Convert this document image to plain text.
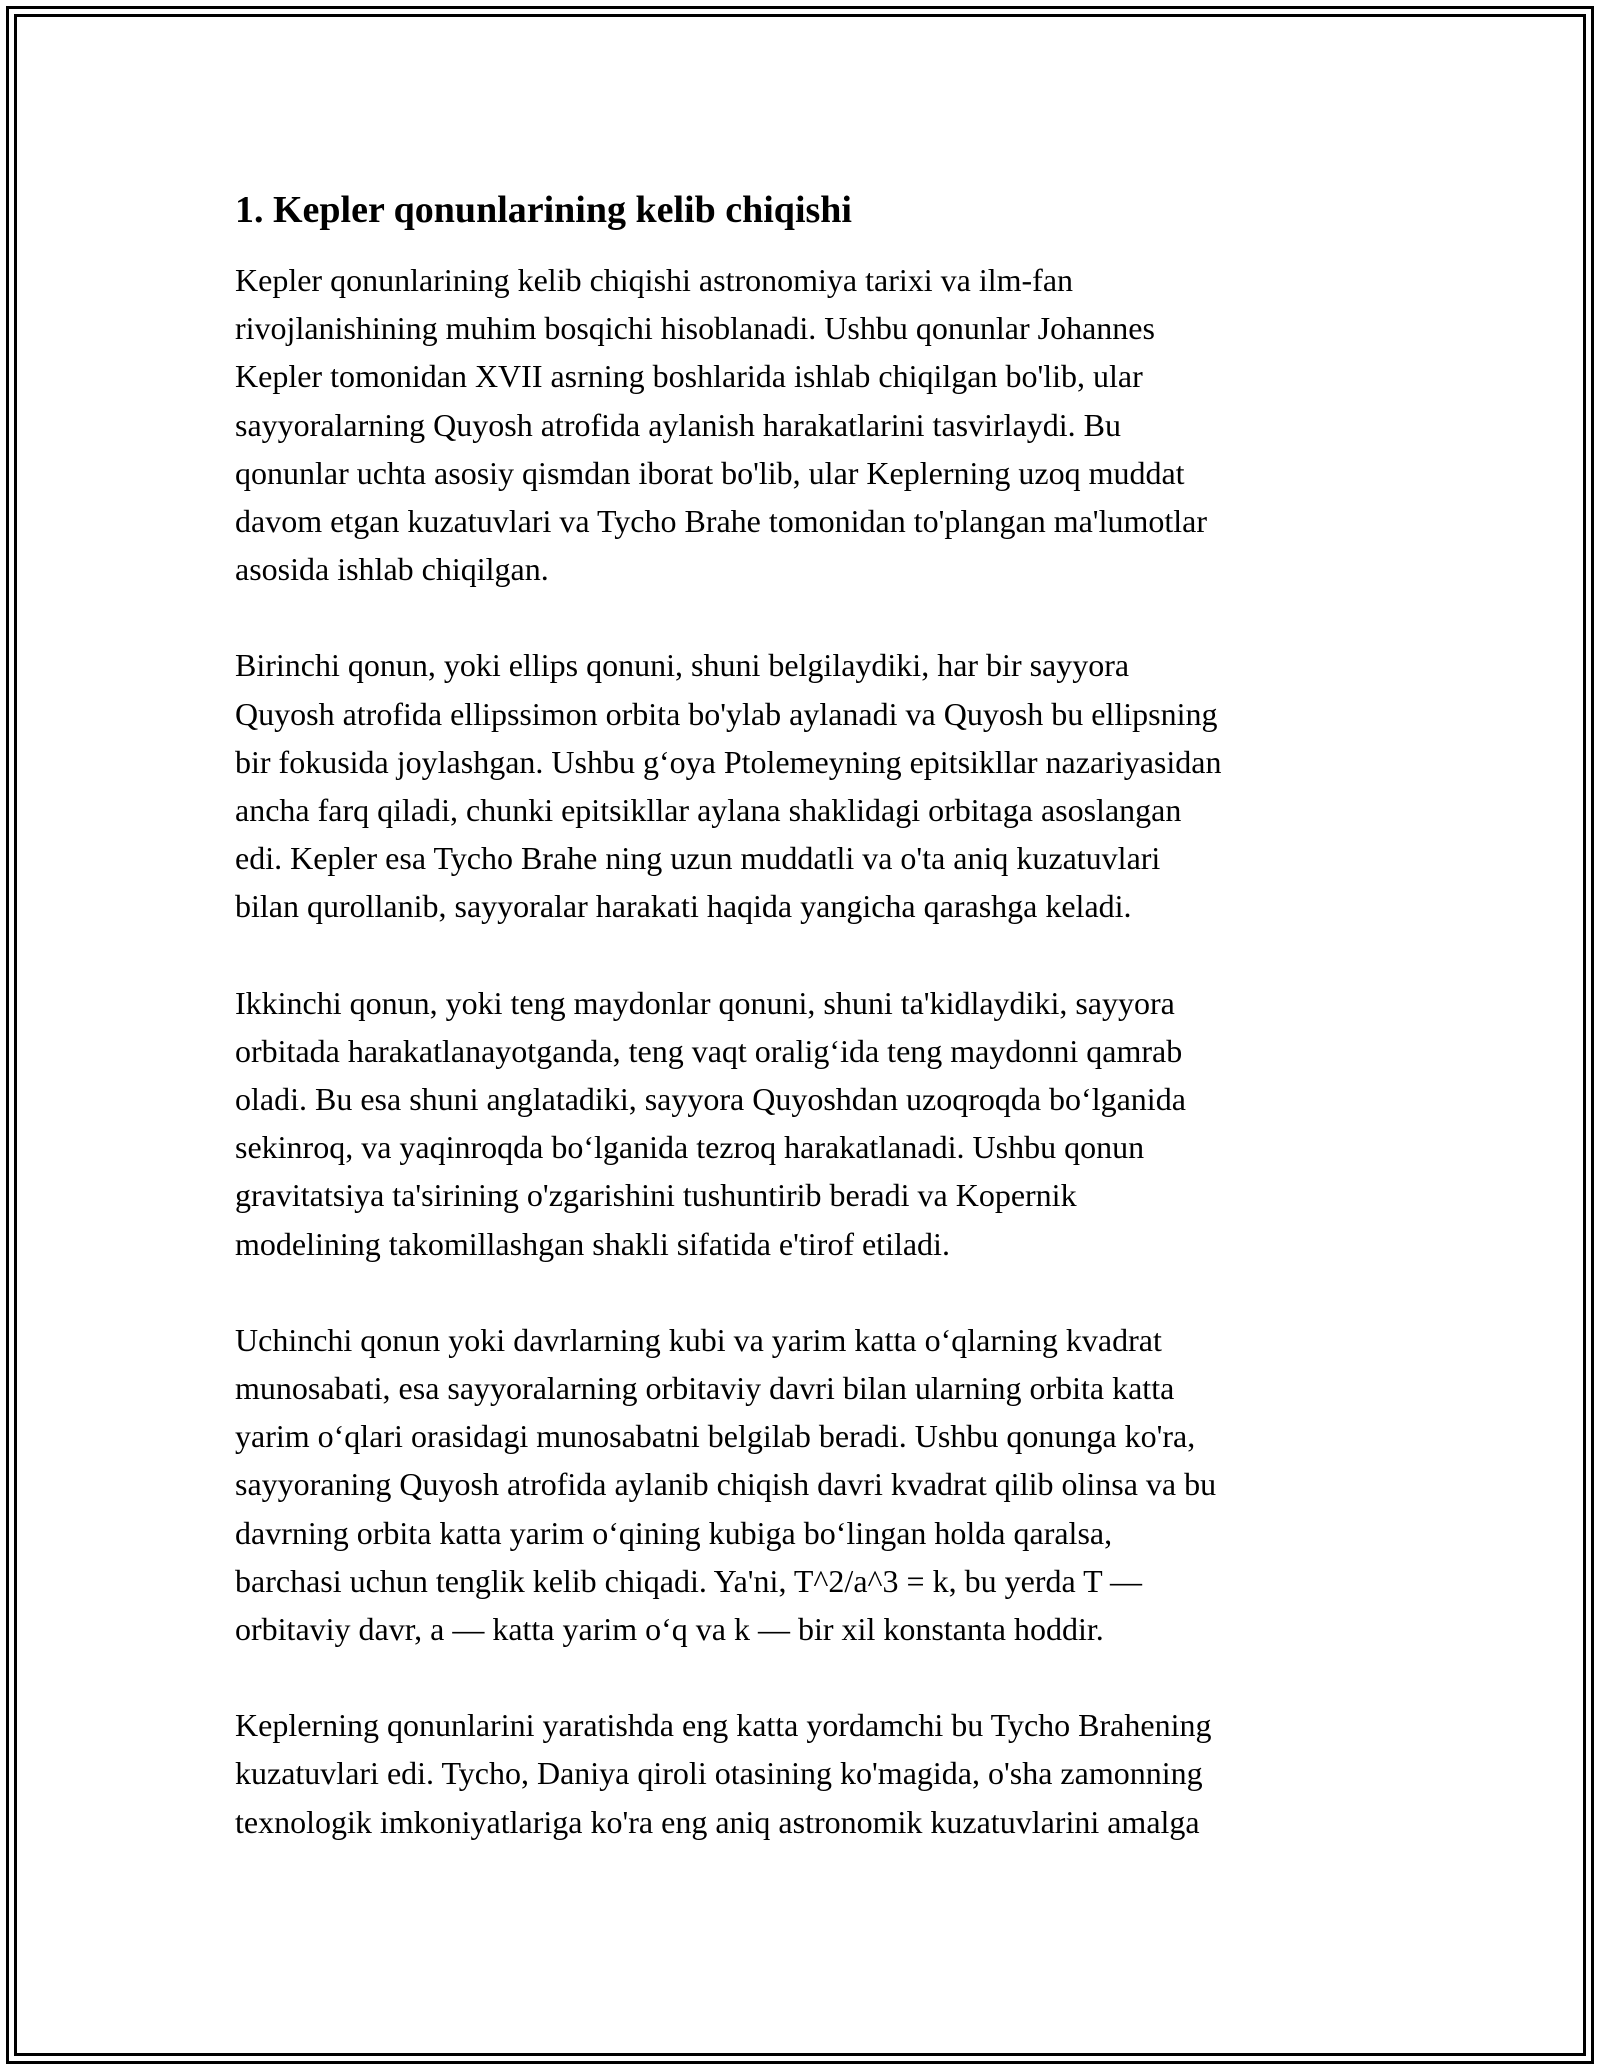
1. Kepler qonunlarining kelib chiqishi
Kepler qonunlarining kelib chiqishi astronomiya tarixi va ilm-fan
rivojlanishining muhim bosqichi hisoblanadi. Ushbu qonunlar Johannes
Kepler tomonidan XVII asrning boshlarida ishlab chiqilgan bo'lib, ular
sayyoralarning Quyosh atrofida aylanish harakatlarini tasvirlaydi. Bu
qonunlar uchta asosiy qismdan iborat bo'lib, ular Keplerning uzoq muddat
davom etgan kuzatuvlari va Tycho Brahe tomonidan to'plangan ma'lumotlar
asosida ishlab chiqilgan.
Birinchi qonun, yoki ellips qonuni, shuni belgilaydiki, har bir sayyora
Quyosh atrofida ellipssimon orbita bo'ylab aylanadi va Quyosh bu ellipsning
bir fokusida joylashgan. Ushbu g‘oya Ptolemeyning epitsikllar nazariyasidan
ancha farq qiladi, chunki epitsikllar aylana shaklidagi orbitaga asoslangan
edi. Kepler esa Tycho Brahe ning uzun muddatli va o'ta aniq kuzatuvlari
bilan qurollanib, sayyoralar harakati haqida yangicha qarashga keladi.
Ikkinchi qonun, yoki teng maydonlar qonuni, shuni ta'kidlaydiki, sayyora
orbitada harakatlanayotganda, teng vaqt oralig‘ida teng maydonni qamrab
oladi. Bu esa shuni anglatadiki, sayyora Quyoshdan uzoqroqda bo‘lganida
sekinroq, va yaqinroqda bo‘lganida tezroq harakatlanadi. Ushbu qonun
gravitatsiya ta'sirining o'zgarishini tushuntirib beradi va Kopernik
modelining takomillashgan shakli sifatida e'tirof etiladi.
Uchinchi qonun yoki davrlarning kubi va yarim katta o‘qlarning kvadrat
munosabati, esa sayyoralarning orbitaviy davri bilan ularning orbita katta
yarim o‘qlari orasidagi munosabatni belgilab beradi. Ushbu qonunga ko'ra,
sayyoraning Quyosh atrofida aylanib chiqish davri kvadrat qilib olinsa va bu
davrning orbita katta yarim o‘qining kubiga bo‘lingan holda qaralsa,
barchasi uchun tenglik kelib chiqadi. Ya'ni, T^2/a^3 = k, bu yerda T —
orbitaviy davr, a — katta yarim o‘q va k — bir xil konstanta hoddir.
Keplerning qonunlarini yaratishda eng katta yordamchi bu Tycho Brahening
kuzatuvlari edi. Tycho, Daniya qiroli otasining ko'magida, o'sha zamonning
texnologik imkoniyatlariga ko'ra eng aniq astronomik kuzatuvlarini amalga
